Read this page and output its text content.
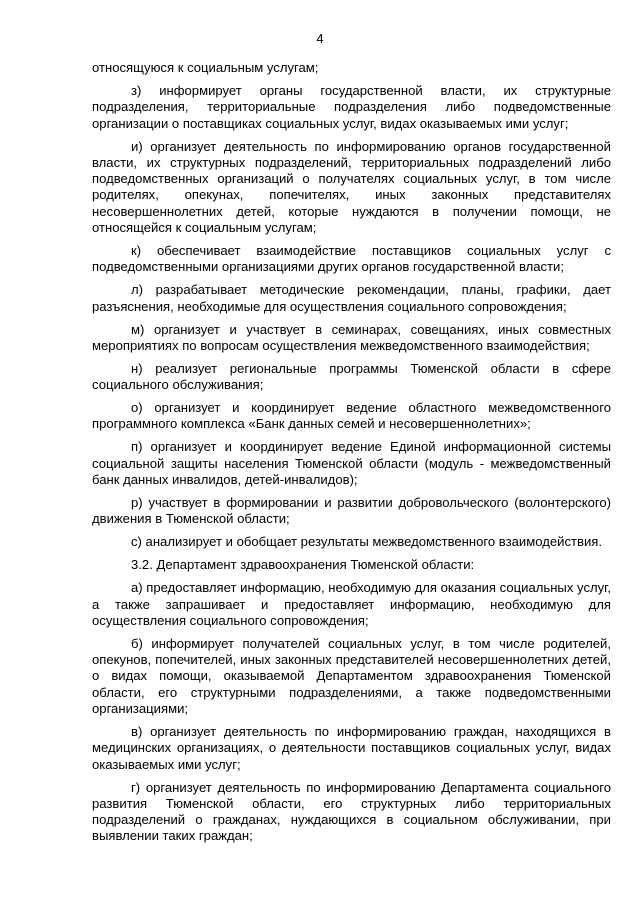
4

относящуюся к социальным услугам;

з) информирует органы государственной власти, их структурные подразделения, территориальные подразделения либо подведомственные организации о поставщиках социальных услуг, видах оказываемых ими услуг;

и) организует деятельность по информированию органов государственной власти, их структурных подразделений, территориальных подразделений либо подведомственных организаций о получателях социальных услуг, в том числе родителях, опекунах, попечителях, иных законных представителях несовершеннолетних детей, которые нуждаются в получении помощи, не относящейся к социальным услугам;

к) обеспечивает взаимодействие поставщиков социальных услуг с подведомственными организациями других органов государственной власти;

л) разрабатывает методические рекомендации, планы, графики, дает разъяснения, необходимые для осуществления социального сопровождения;

м) организует и участвует в семинарах, совещаниях, иных совместных мероприятиях по вопросам осуществления межведомственного взаимодействия;

н) реализует региональные программы Тюменской области в сфере социального обслуживания;

о) организует и координирует ведение областного межведомственного программного комплекса «Банк данных семей и несовершеннолетних»;

п) организует и координирует ведение Единой информационной системы социальной защиты населения Тюменской области (модуль - межведомственный банк данных инвалидов, детей-инвалидов);

р) участвует в формировании и развитии добровольческого (волонтерского) движения в Тюменской области;

с) анализирует и обобщает результаты межведомственного взаимодействия.

3.2. Департамент здравоохранения Тюменской области:

а) предоставляет информацию, необходимую для оказания социальных услуг, а также запрашивает и предоставляет информацию, необходимую для осуществления социального сопровождения;

б) информирует получателей социальных услуг, в том числе родителей, опекунов, попечителей, иных законных представителей несовершеннолетних детей, о видах помощи, оказываемой Департаментом здравоохранения Тюменской области, его структурными подразделениями, а также подведомственными организациями;

в) организует деятельность по информированию граждан, находящихся в медицинских организациях, о деятельности поставщиков социальных услуг, видах оказываемых ими услуг;

г) организует деятельность по информированию Департамента социального развития Тюменской области, его структурных либо территориальных подразделений о гражданах, нуждающихся в социальном обслуживании, при выявлении таких граждан;
